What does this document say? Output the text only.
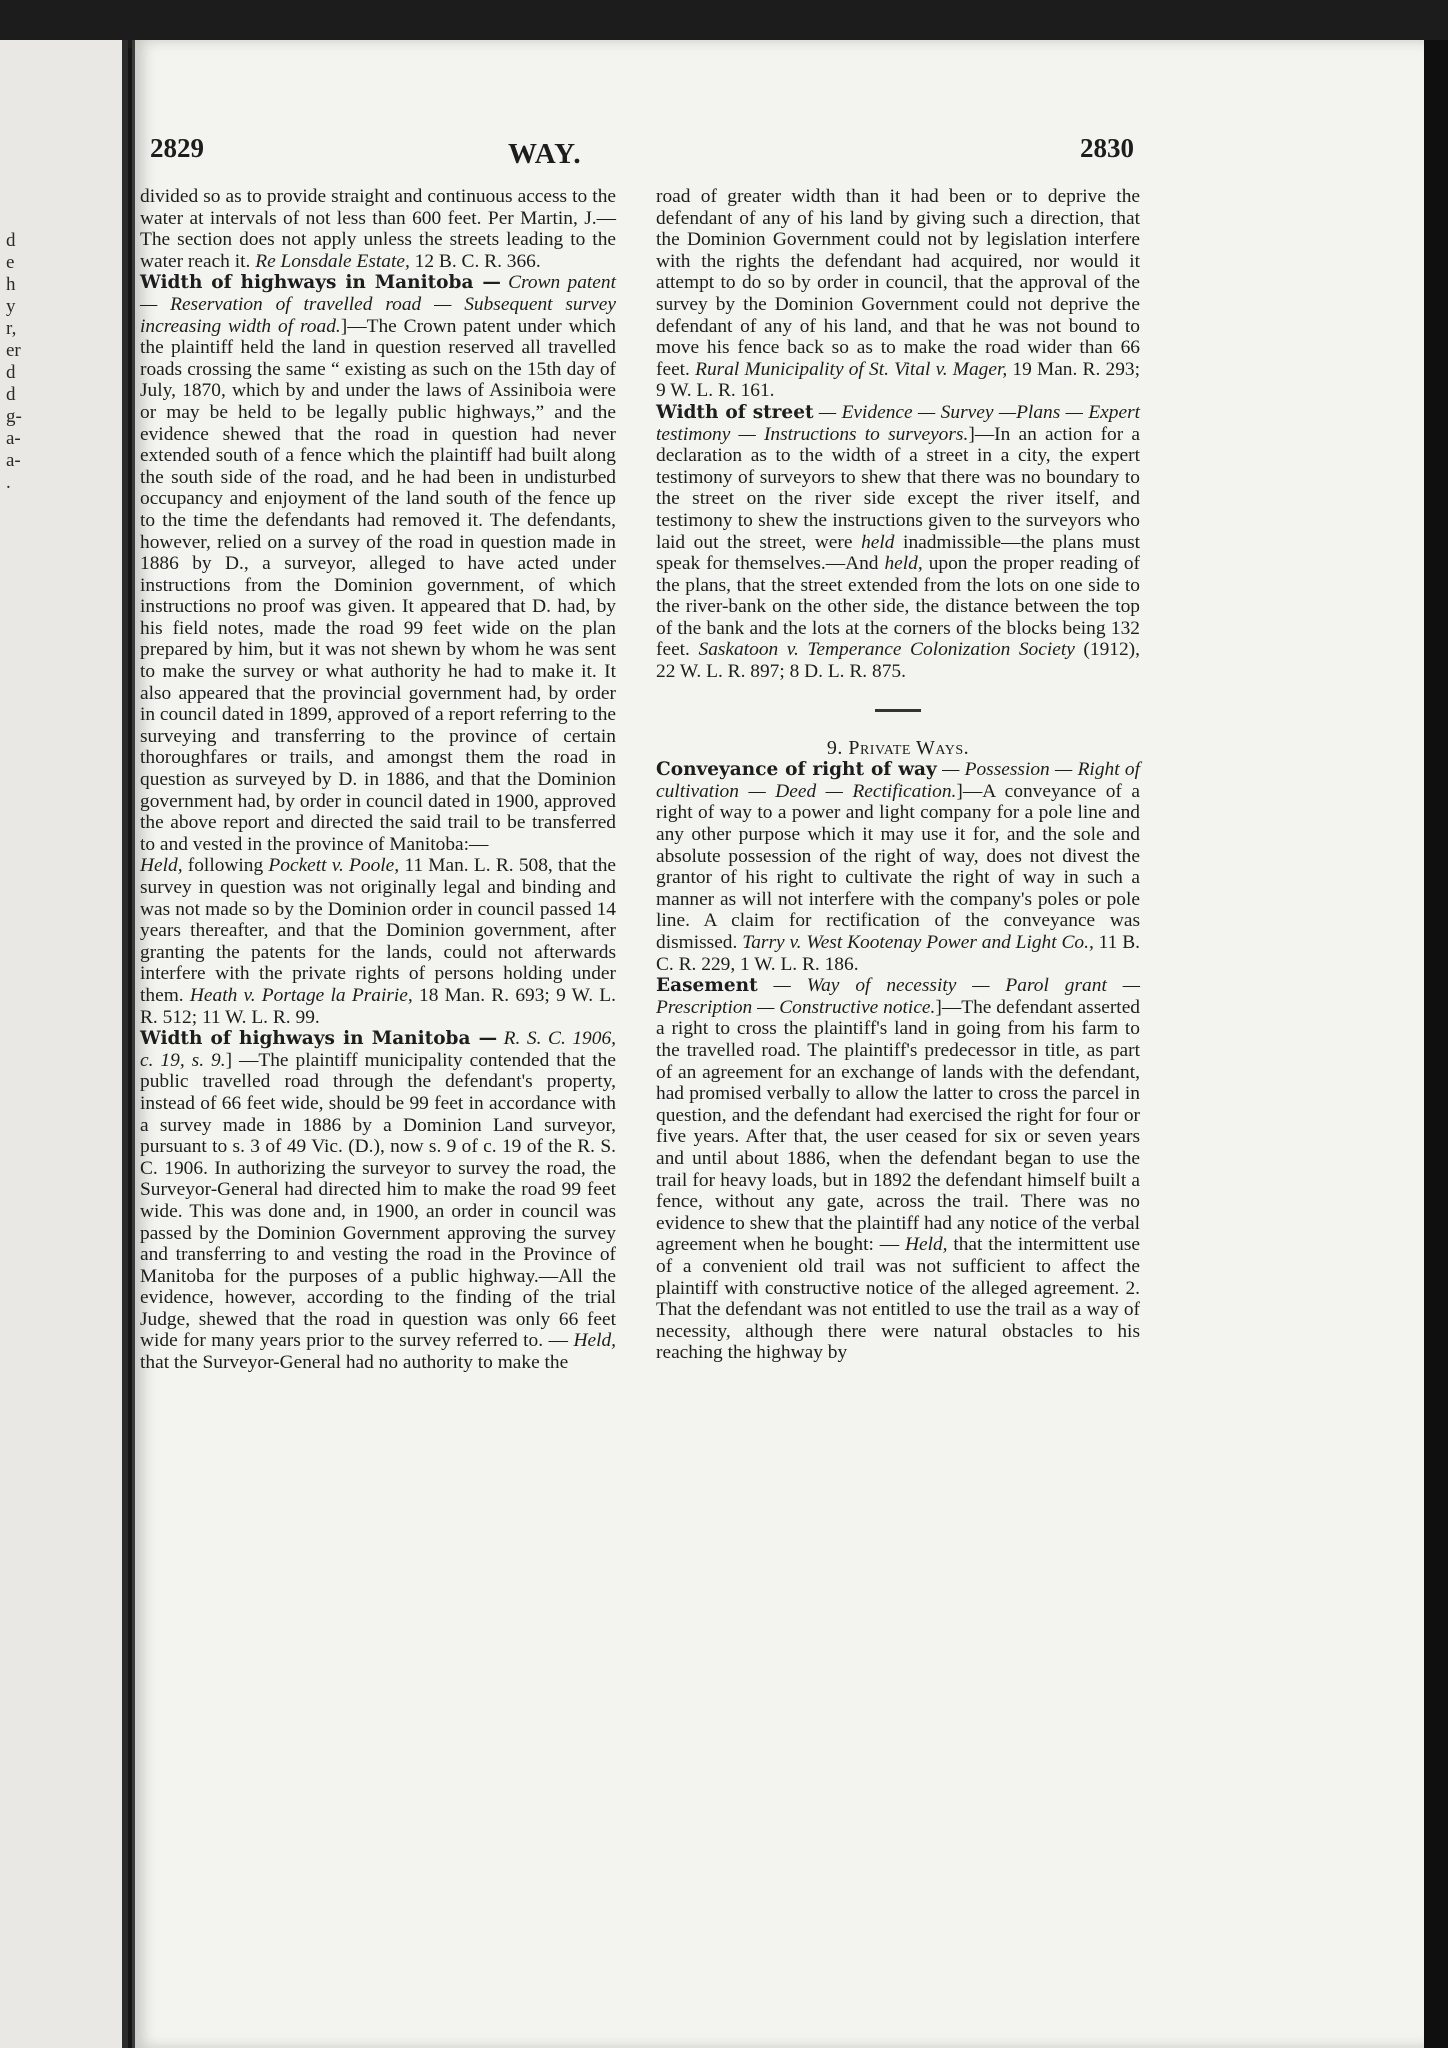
d
e
h
y
r,
er
d
d
g-
a-
a-
.
2829	WAY.	2830

divided so as to provide straight and continuous access to the water at intervals of not less than 600 feet. Per Martin, J.—The section does not apply unless the streets leading to the water reach it. Re Lonsdale Estate, 12 B. C. R. 366.

Width of highways in Manitoba — Crown patent — Reservation of travelled road — Subsequent survey increasing width of road.]—The Crown patent under which the plaintiff held the land in question reserved all travelled roads crossing the same “ existing as such on the 15th day of July, 1870, which by and under the laws of Assiniboia were or may be held to be legally public highways,” and the evidence shewed that the road in question had never extended south of a fence which the plaintiff had built along the south side of the road, and he had been in undisturbed occupancy and enjoyment of the land south of the fence up to the time the defendants had removed it. The defendants, however, relied on a survey of the road in question made in 1886 by D., a surveyor, alleged to have acted under instructions from the Dominion government, of which instructions no proof was given. It appeared that D. had, by his field notes, made the road 99 feet wide on the plan prepared by him, but it was not shewn by whom he was sent to make the survey or what authority he had to make it. It also appeared that the provincial government had, by order in council dated in 1899, approved of a report referring to the surveying and transferring to the province of certain thoroughfares or trails, and amongst them the road in question as surveyed by D. in 1886, and that the Dominion government had, by order in council dated in 1900, approved the above report and directed the said trail to be transferred to and vested in the province of Manitoba:—
Held, following Pockett v. Poole, 11 Man. L. R. 508, that the survey in question was not originally legal and binding and was not made so by the Dominion order in council passed 14 years thereafter, and that the Dominion government, after granting the patents for the lands, could not afterwards interfere with the private rights of persons holding under them. Heath v. Portage la Prairie, 18 Man. R. 693; 9 W. L. R. 512; 11 W. L. R. 99.

Width of highways in Manitoba — R. S. C. 1906, c. 19, s. 9.] —The plaintiff municipality contended that the public travelled road through the defendant's property, instead of 66 feet wide, should be 99 feet in accordance with a survey made in 1886 by a Dominion Land surveyor, pursuant to s. 3 of 49 Vic. (D.), now s. 9 of c. 19 of the R. S. C. 1906. In authorizing the surveyor to survey the road, the Surveyor-General had directed him to make the road 99 feet wide. This was done and, in 1900, an order in council was passed by the Dominion Government approving the survey and transferring to and vesting the road in the Province of Manitoba for the purposes of a public highway.—All the evidence, however, according to the finding of the trial Judge, shewed that the road in question was only 66 feet wide for many years prior to the survey referred to. — Held, that the Surveyor-General had no authority to make the

road of greater width than it had been or to deprive the defendant of any of his land by giving such a direction, that the Dominion Government could not by legislation interfere with the rights the defendant had acquired, nor would it attempt to do so by order in council, that the approval of the survey by the Dominion Government could not deprive the defendant of any of his land, and that he was not bound to move his fence back so as to make the road wider than 66 feet. Rural Municipality of St. Vital v. Mager, 19 Man. R. 293; 9 W. L. R. 161.

Width of street — Evidence — Survey —Plans — Expert testimony — Instructions to surveyors.]—In an action for a declaration as to the width of a street in a city, the expert testimony of surveyors to shew that there was no boundary to the street on the river side except the river itself, and testimony to shew the instructions given to the surveyors who laid out the street, were held inadmissible—the plans must speak for themselves.—And held, upon the proper reading of the plans, that the street extended from the lots on one side to the river-bank on the other side, the distance between the top of the bank and the lots at the corners of the blocks being 132 feet. Saskatoon v. Temperance Colonization Society (1912), 22 W. L. R. 897; 8 D. L. R. 875.

9. Private Ways.

Conveyance of right of way — Possession — Right of cultivation — Deed — Rectification.]—A conveyance of a right of way to a power and light company for a pole line and any other purpose which it may use it for, and the sole and absolute possession of the right of way, does not divest the grantor of his right to cultivate the right of way in such a manner as will not interfere with the company's poles or pole line. A claim for rectification of the conveyance was dismissed. Tarry v. West Kootenay Power and Light Co., 11 B. C. R. 229, 1 W. L. R. 186.

Easement — Way of necessity — Parol grant — Prescription — Constructive notice.]—The defendant asserted a right to cross the plaintiff's land in going from his farm to the travelled road. The plaintiff's predecessor in title, as part of an agreement for an exchange of lands with the defendant, had promised verbally to allow the latter to cross the parcel in question, and the defendant had exercised the right for four or five years. After that, the user ceased for six or seven years and until about 1886, when the defendant began to use the trail for heavy loads, but in 1892 the defendant himself built a fence, without any gate, across the trail. There was no evidence to shew that the plaintiff had any notice of the verbal agreement when he bought: — Held, that the intermittent use of a convenient old trail was not sufficient to affect the plaintiff with constructive notice of the alleged agreement. 2. That the defendant was not entitled to use the trail as a way of necessity, although there were natural obstacles to his reaching the highway by
